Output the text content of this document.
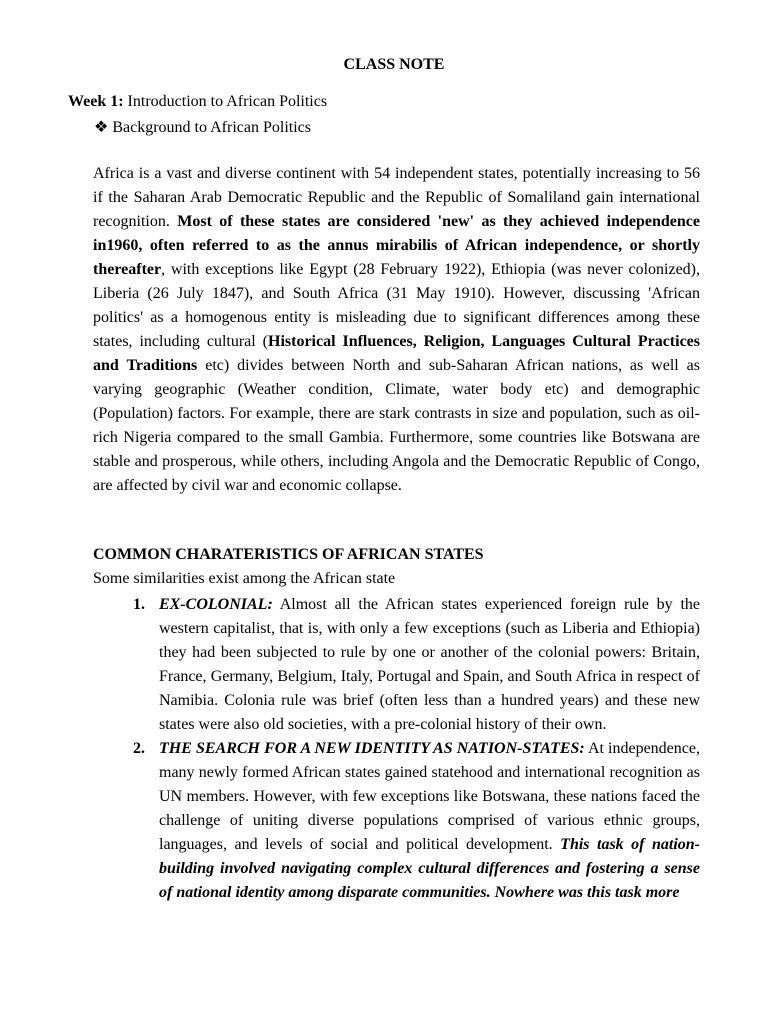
CLASS NOTE
Week 1: Introduction to African Politics
❖ Background to African Politics

Africa is a vast and diverse continent with 54 independent states, potentially increasing to 56 if the Saharan Arab Democratic Republic and the Republic of Somaliland gain international recognition. Most of these states are considered 'new' as they achieved independence in1960, often referred to as the annus mirabilis of African independence, or shortly thereafter, with exceptions like Egypt (28 February 1922), Ethiopia (was never colonized), Liberia (26 July 1847), and South Africa (31 May 1910). However, discussing 'African politics' as a homogenous entity is misleading due to significant differences among these states, including cultural (Historical Influences, Religion, Languages Cultural Practices and Traditions etc) divides between North and sub-Saharan African nations, as well as varying geographic (Weather condition, Climate, water body etc) and demographic (Population) factors. For example, there are stark contrasts in size and population, such as oil-rich Nigeria compared to the small Gambia. Furthermore, some countries like Botswana are stable and prosperous, while others, including Angola and the Democratic Republic of Congo, are affected by civil war and economic collapse.

COMMON CHARATERISTICS OF AFRICAN STATES
Some similarities exist among the African state
1. EX-COLONIAL: Almost all the African states experienced foreign rule by the western capitalist, that is, with only a few exceptions (such as Liberia and Ethiopia) they had been subjected to rule by one or another of the colonial powers: Britain, France, Germany, Belgium, Italy, Portugal and Spain, and South Africa in respect of Namibia. Colonia rule was brief (often less than a hundred years) and these new states were also old societies, with a pre-colonial history of their own.
2. THE SEARCH FOR A NEW IDENTITY AS NATION-STATES: At independence, many newly formed African states gained statehood and international recognition as UN members. However, with few exceptions like Botswana, these nations faced the challenge of uniting diverse populations comprised of various ethnic groups, languages, and levels of social and political development. This task of nation-building involved navigating complex cultural differences and fostering a sense of national identity among disparate communities. Nowhere was this task more
